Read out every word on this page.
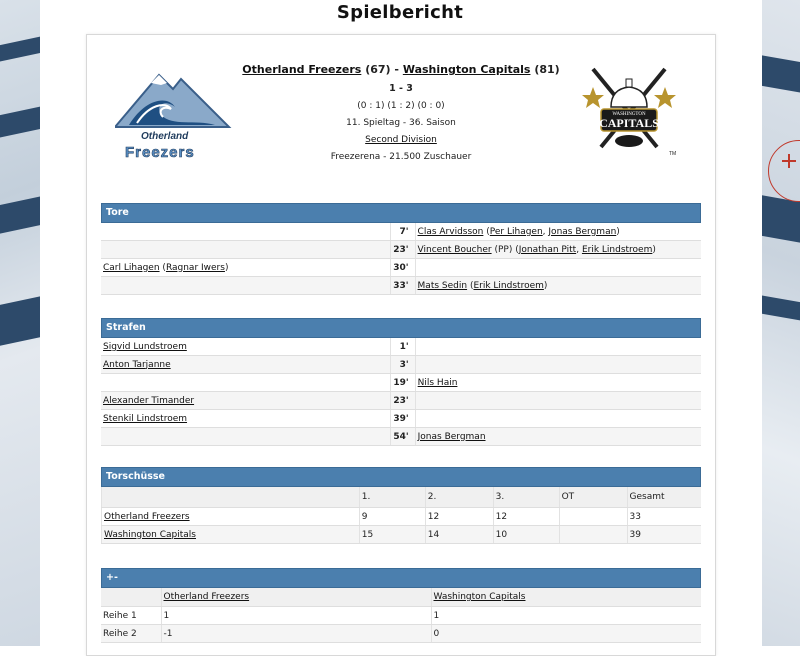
Spielbericht
Otherland
Freezers
Otherland Freezers (67) - Washington Capitals (81)
1 - 3
(0 : 1) (1 : 2) (0 : 0)
11. Spieltag - 36. Saison
Second Division
Freezerena - 21.500 Zuschauer
WASHINGTON
CAPITALS
TM
Tore
	7'	Clas Arvidsson (Per Lihagen, Jonas Bergman)
	23'	Vincent Boucher (PP) (Jonathan Pitt, Erik Lindstroem)
Carl Lihagen (Ragnar Iwers)	30'	
	33'	Mats Sedin (Erik Lindstroem)
Strafen
Sigvid Lundstroem	1'	
Anton Tarjanne	3'	
	19'	Nils Hain
Alexander Timander	23'	
Stenkil Lindstroem	39'	
	54'	Jonas Bergman
Torschüsse
	1.	2.	3.	OT	Gesamt
Otherland Freezers	9	12	12		33
Washington Capitals	15	14	10		39
+-
	Otherland Freezers	Washington Capitals
Reihe 1	1	1
Reihe 2	-1	0
